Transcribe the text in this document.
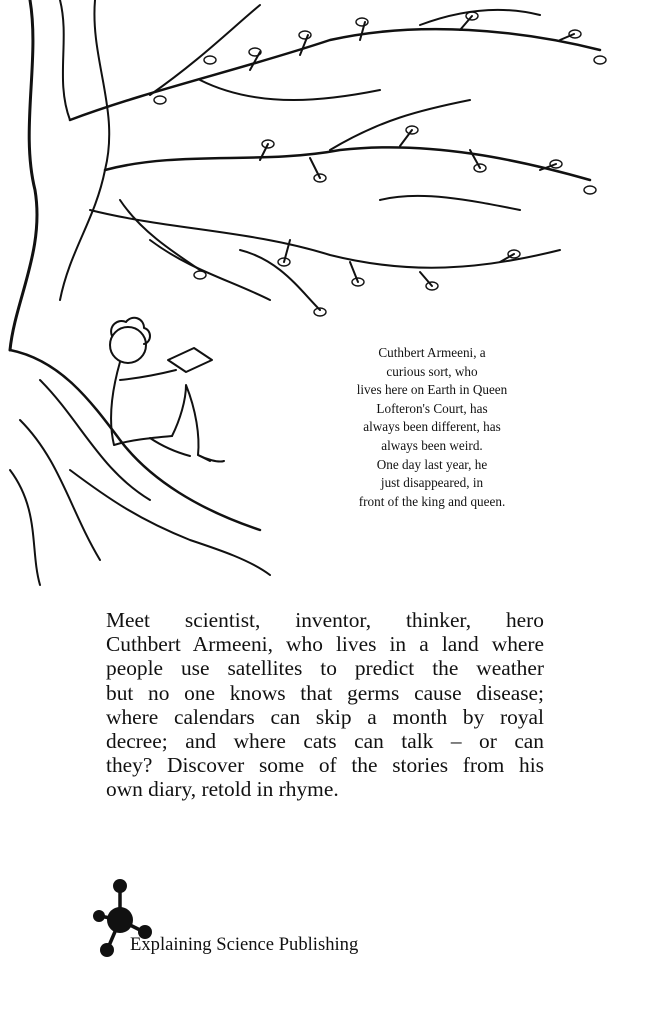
Cuthbert Armeeni, a
curious sort, who
lives here on Earth in Queen
Lofteron's Court, has
always been different, has
always been weird.
One day last year, he
just disappeared, in
front of the king and queen.
Meet scientist, inventor, thinker, hero
Cuthbert Armeeni, who lives in a land where
people use satellites to predict the weather
but no one knows that germs cause disease;
where calendars can skip a month by royal
decree; and where cats can talk – or can
they? Discover some of the stories from his
own diary, retold in rhyme.
Explaining Science Publishing
